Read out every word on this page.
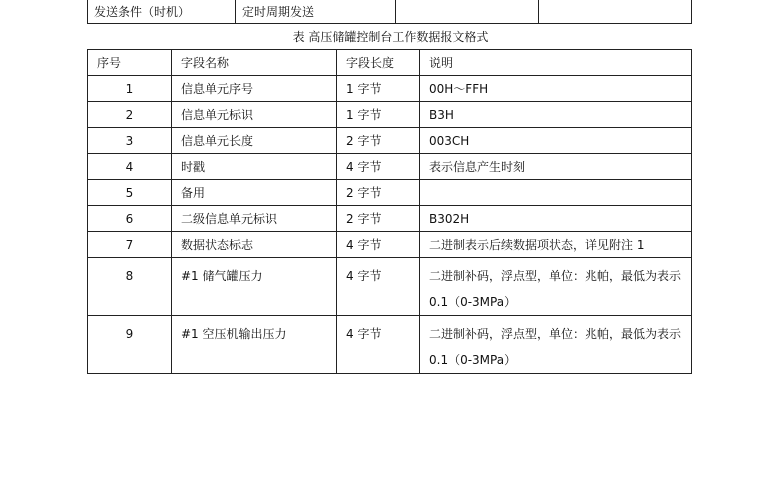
发送条件（时机）	定时周期发送		
表 高压储罐控制台工作数据报文格式
序号	字段名称	字段长度	说明
1	信息单元序号	1 字节	00H～FFH
2	信息单元标识	1 字节	B3H
3	信息单元长度	2 字节	003CH
4	时戳	4 字节	表示信息产生时刻
5	备用	2 字节	
6	二级信息单元标识	2 字节	B302H
7	数据状态标志	4 字节	二进制表示后续数据项状态，详见附注 1

8	#1 储气罐压力	4 字节	二进制补码，浮点型，单位：兆帕，最低为表示 0.1（0-3MPa）

9	#1 空压机输出压力	4 字节	二进制补码，浮点型，单位：兆帕，最低为表示 0.1（0-3MPa）
